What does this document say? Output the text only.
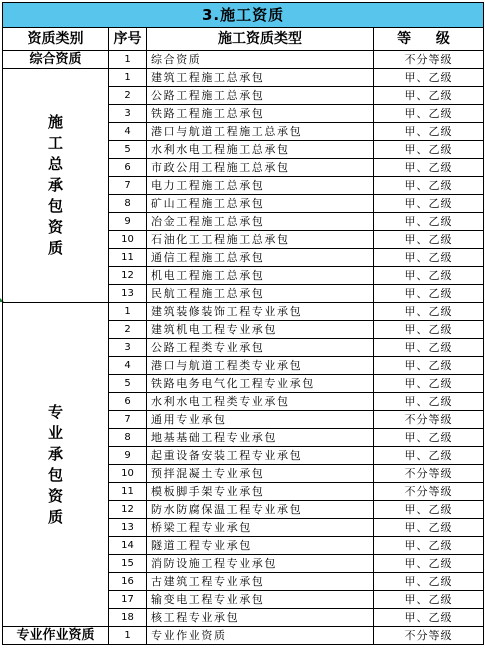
3.施工资质			
资质类别	序号	施工资质类型	等 级
综合资质	1	综合资质	不分等级
施工总承包资质	1	建筑工程施工总承包	甲、乙级
	2	公路工程施工总承包	甲、乙级
	3	铁路工程施工总承包	甲、乙级
	4	港口与航道工程施工总承包	甲、乙级
	5	水利水电工程施工总承包	甲、乙级
	6	市政公用工程施工总承包	甲、乙级
	7	电力工程施工总承包	甲、乙级
	8	矿山工程施工总承包	甲、乙级
	9	冶金工程施工总承包	甲、乙级
	10	石油化工工程施工总承包	甲、乙级
	11	通信工程施工总承包	甲、乙级
	12	机电工程施工总承包	甲、乙级
	13	民航工程施工总承包	甲、乙级
专业承包资质	1	建筑装修装饰工程专业承包	甲、乙级
	2	建筑机电工程专业承包	甲、乙级
	3	公路工程类专业承包	甲、乙级
	4	港口与航道工程类专业承包	甲、乙级
	5	铁路电务电气化工程专业承包	甲、乙级
	6	水利水电工程类专业承包	甲、乙级
	7	通用专业承包	不分等级
	8	地基基础工程专业承包	甲、乙级
	9	起重设备安装工程专业承包	甲、乙级
	10	预拌混凝土专业承包	不分等级
	11	模板脚手架专业承包	不分等级
	12	防水防腐保温工程专业承包	甲、乙级
	13	桥梁工程专业承包	甲、乙级
	14	隧道工程专业承包	甲、乙级
	15	消防设施工程专业承包	甲、乙级
	16	古建筑工程专业承包	甲、乙级
	17	输变电工程专业承包	甲、乙级
	18	核工程专业承包	甲、乙级
专业作业资质	1	专业作业资质	不分等级
